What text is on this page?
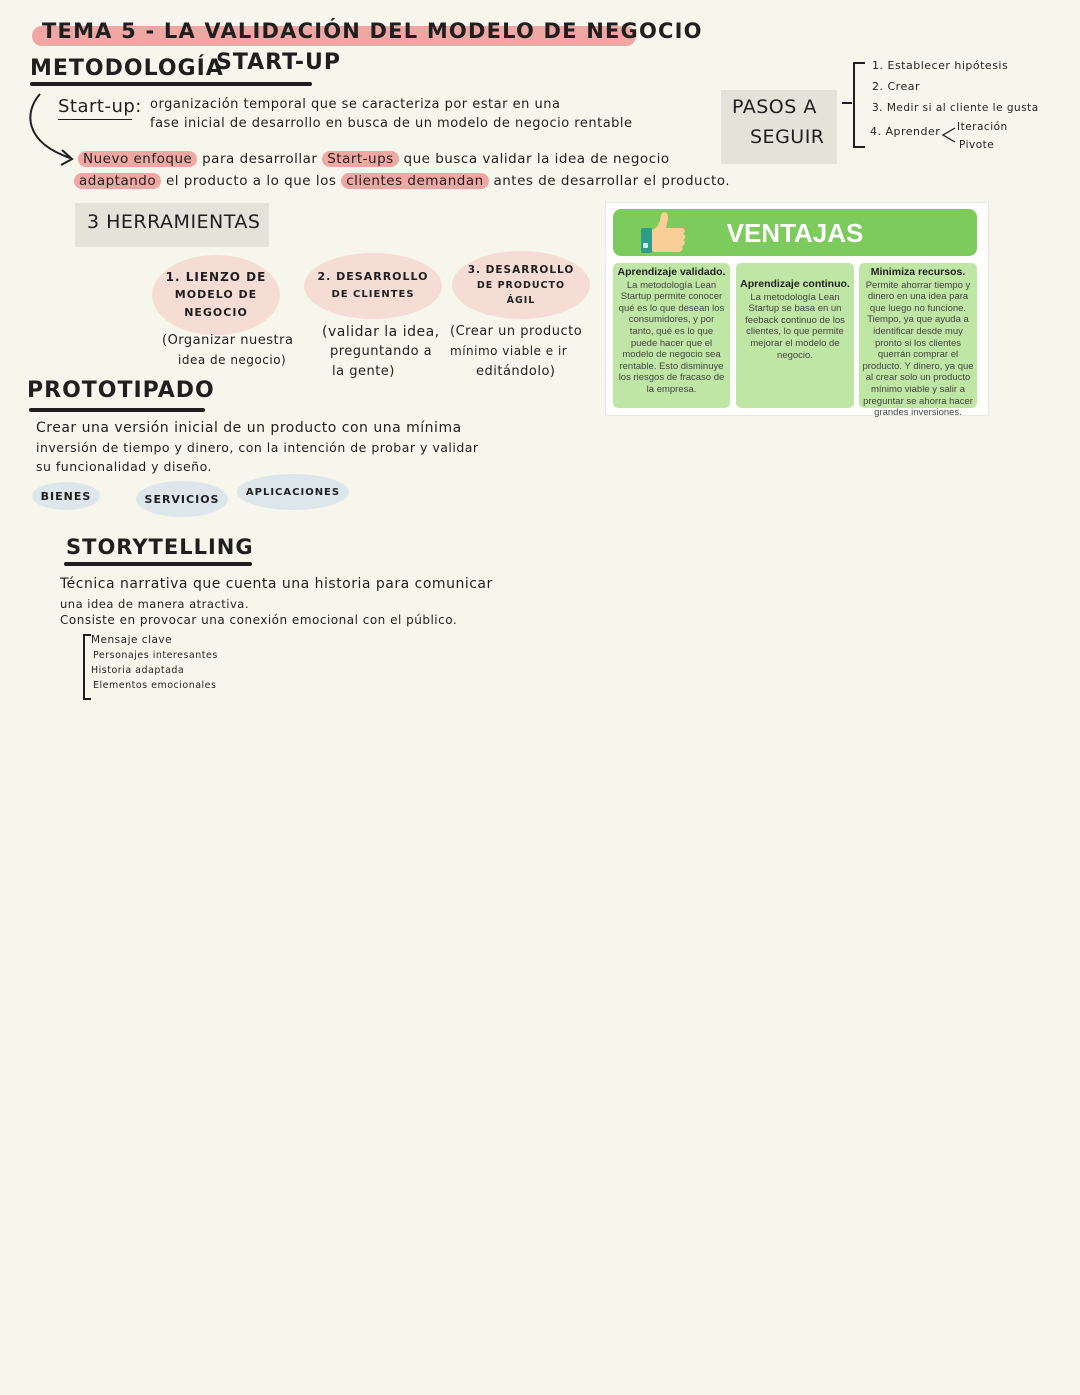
TEMA 5 - LA VALIDACIÓN DEL MODELO DE NEGOCIO
METODOLOGÍA
START-UP
Start-up: organización temporal que se caracteriza por estar en una
fase inicial de desarrollo en busca de un modelo de negocio rentable
Nuevo enfoque para desarrollar Start-ups que busca validar la idea de negocio
adaptando el producto a lo que los clientes demandan antes de desarrollar el producto.
PASOS A
SEGUIR
1. Establecer hipótesis
2. Crear
3. Medir si al cliente le gusta
4. Aprender Iteración
Pivote
3 HERRAMIENTAS
1. LIENZO DE
MODELO DE
NEGOCIO
2. DESARROLLO
DE CLIENTES
3. DESARROLLO
DE PRODUCTO
ÁGIL
(Organizar nuestra
idea de negocio)
(validar la idea,
preguntando a
la gente)
(Crear un producto
mínimo viable e ir
editándolo)
VENTAJAS
Aprendizaje validado.
La metodología Lean Startup permite conocer qué es lo que desean los consumidores, y por tanto, qué es lo que puede hacer que el modelo de negocio sea rentable. Esto disminuye los riesgos de fracaso de la empresa.
Aprendizaje continuo.
La metodología Lean Startup se basa en un feeback continuo de los clientes, lo que permite mejorar el modelo de negocio.
Minimiza recursos.
Permite ahorrar tiempo y dinero en una idea para que luego no funcione. Tiempo, ya que ayuda a identificar desde muy pronto si los clientes querrán comprar el producto. Y dinero, ya que al crear solo un producto mínimo viable y salir a preguntar se ahorra hacer grandes inversiones.
PROTOTIPADO
Crear una versión inicial de un producto con una mínima
inversión de tiempo y dinero, con la intención de probar y validar
su funcionalidad y diseño.
BIENES	SERVICIOS
APLICACIONES
STORYTELLING
Técnica narrativa que cuenta una historia para comunicar
una idea de manera atractiva.
Consiste en provocar una conexión emocional con el público.
Mensaje clave
Personajes interesantes
Historia adaptada
Elementos emocionales
